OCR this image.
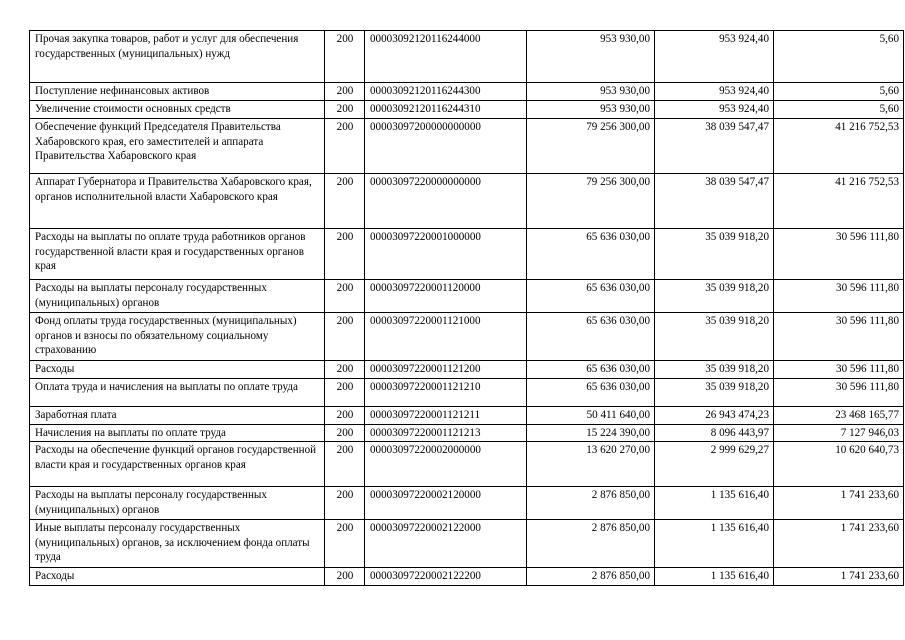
Прочая закупка товаров, работ и услуг для обеспечения государственных (муниципальных) нужд	200	00003092120116244000	953 930,00	953 924,40	5,60
Поступление нефинансовых активов	200	00003092120116244300	953 930,00	953 924,40	5,60
Увеличение стоимости основных средств	200	00003092120116244310	953 930,00	953 924,40	5,60
Обеспечение функций Председателя Правительства Хабаровского края, его заместителей и аппарата Правительства Хабаровского края	200	00003097200000000000	79 256 300,00	38 039 547,47	41 216 752,53
Аппарат Губернатора и Правительства Хабаровского края, органов исполнительной власти Хабаровского края	200	00003097220000000000	79 256 300,00	38 039 547,47	41 216 752,53
Расходы на выплаты по оплате труда работников органов государственной власти края и государственных органов края	200	00003097220001000000	65 636 030,00	35 039 918,20	30 596 111,80
Расходы на выплаты персоналу государственных (муниципальных) органов	200	00003097220001120000	65 636 030,00	35 039 918,20	30 596 111,80
Фонд оплаты труда государственных (муниципальных) органов и взносы по обязательному социальному страхованию	200	00003097220001121000	65 636 030,00	35 039 918,20	30 596 111,80
Расходы	200	00003097220001121200	65 636 030,00	35 039 918,20	30 596 111,80
Оплата труда и начисления на выплаты по оплате труда	200	00003097220001121210	65 636 030,00	35 039 918,20	30 596 111,80
Заработная плата	200	00003097220001121211	50 411 640,00	26 943 474,23	23 468 165,77
Начисления на выплаты по оплате труда	200	00003097220001121213	15 224 390,00	8 096 443,97	7 127 946,03
Расходы на обеспечение функций органов государственной власти края и государственных органов края	200	00003097220002000000	13 620 270,00	2 999 629,27	10 620 640,73
Расходы на выплаты персоналу государственных (муниципальных) органов	200	00003097220002120000	2 876 850,00	1 135 616,40	1 741 233,60
Иные выплаты персоналу государственных (муниципальных) органов, за исключением фонда оплаты труда	200	00003097220002122000	2 876 850,00	1 135 616,40	1 741 233,60
Расходы	200	00003097220002122200	2 876 850,00	1 135 616,40	1 741 233,60
